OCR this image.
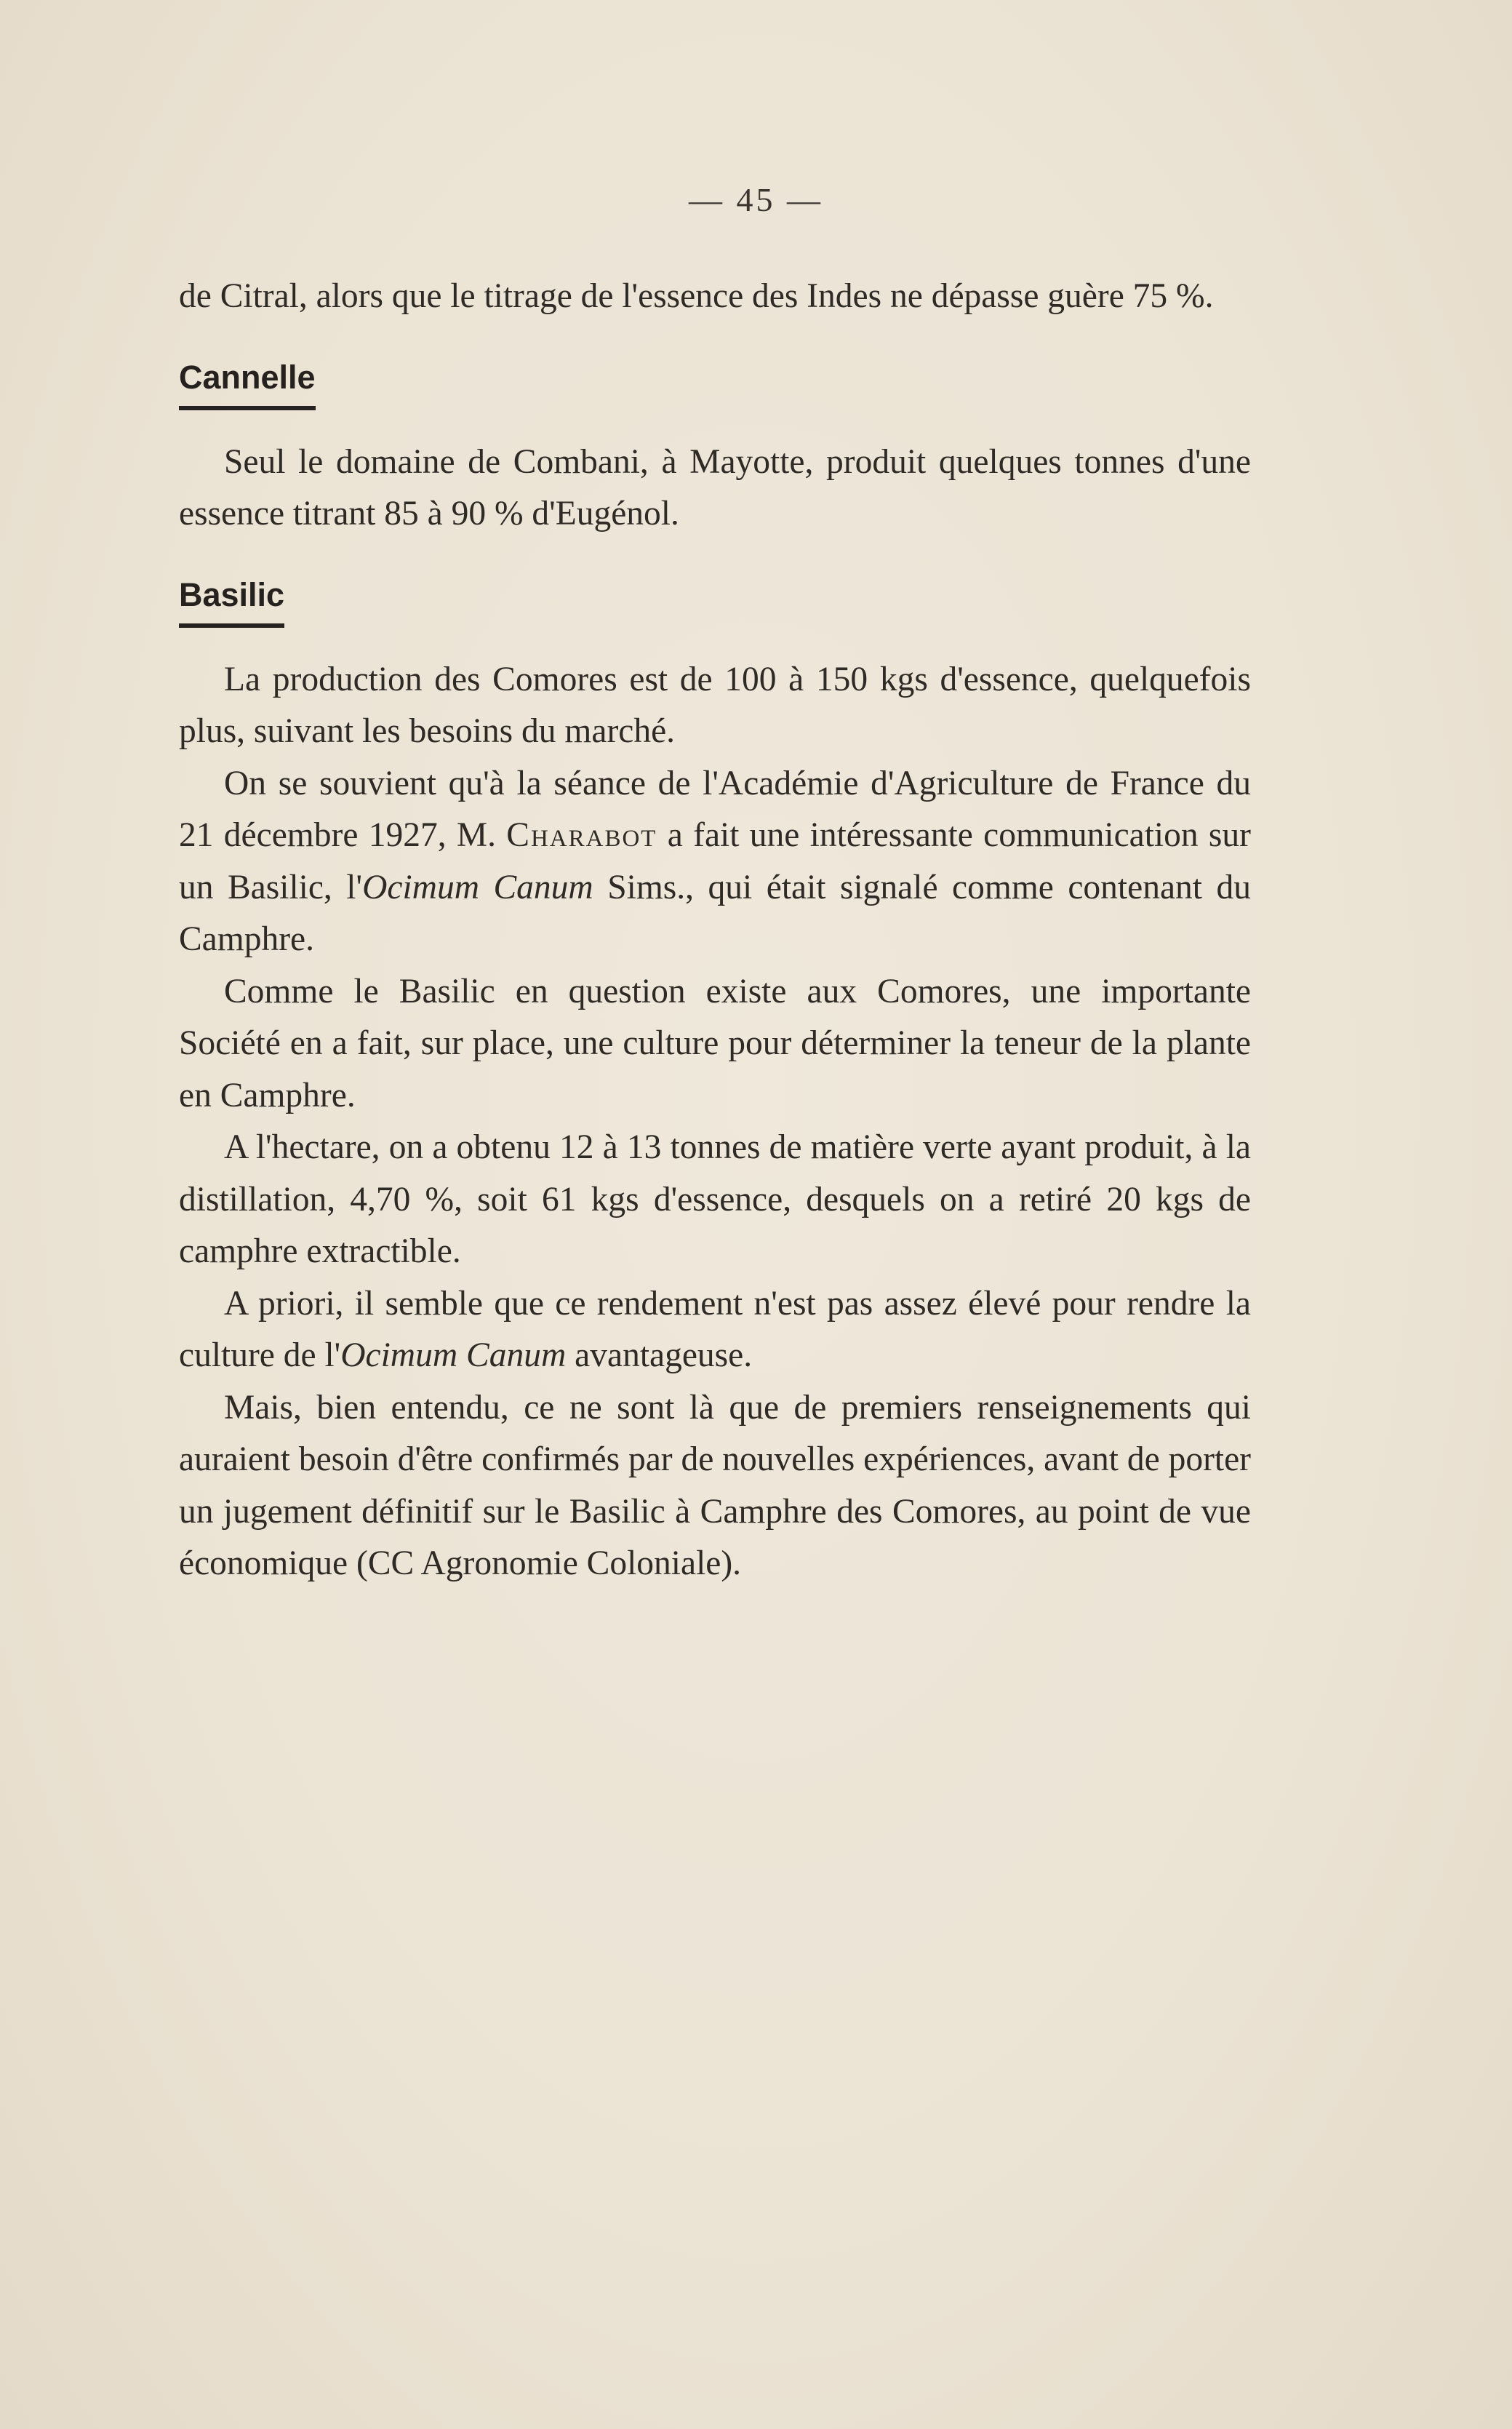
— 45 —

de Citral, alors que le titrage de l'essence des Indes ne dépasse guère 75 %.

Cannelle

Seul le domaine de Combani, à Mayotte, produit quelques tonnes d'une essence titrant 85 à 90 % d'Eugénol.

Basilic

La production des Comores est de 100 à 150 kgs d'essence, quelquefois plus, suivant les besoins du marché.

On se souvient qu'à la séance de l'Académie d'Agriculture de France du 21 décembre 1927, M. Charabot a fait une intéressante communication sur un Basilic, l'Ocimum Canum Sims., qui était signalé comme contenant du Camphre.

Comme le Basilic en question existe aux Comores, une importante Société en a fait, sur place, une culture pour déterminer la teneur de la plante en Camphre.

A l'hectare, on a obtenu 12 à 13 tonnes de matière verte ayant produit, à la distillation, 4,70 %, soit 61 kgs d'essence, desquels on a retiré 20 kgs de camphre extractible.

A priori, il semble que ce rendement n'est pas assez élevé pour rendre la culture de l'Ocimum Canum avantageuse.

Mais, bien entendu, ce ne sont là que de premiers renseignements qui auraient besoin d'être confirmés par de nouvelles expériences, avant de porter un jugement définitif sur le Basilic à Camphre des Comores, au point de vue économique (CC Agronomie Coloniale).
